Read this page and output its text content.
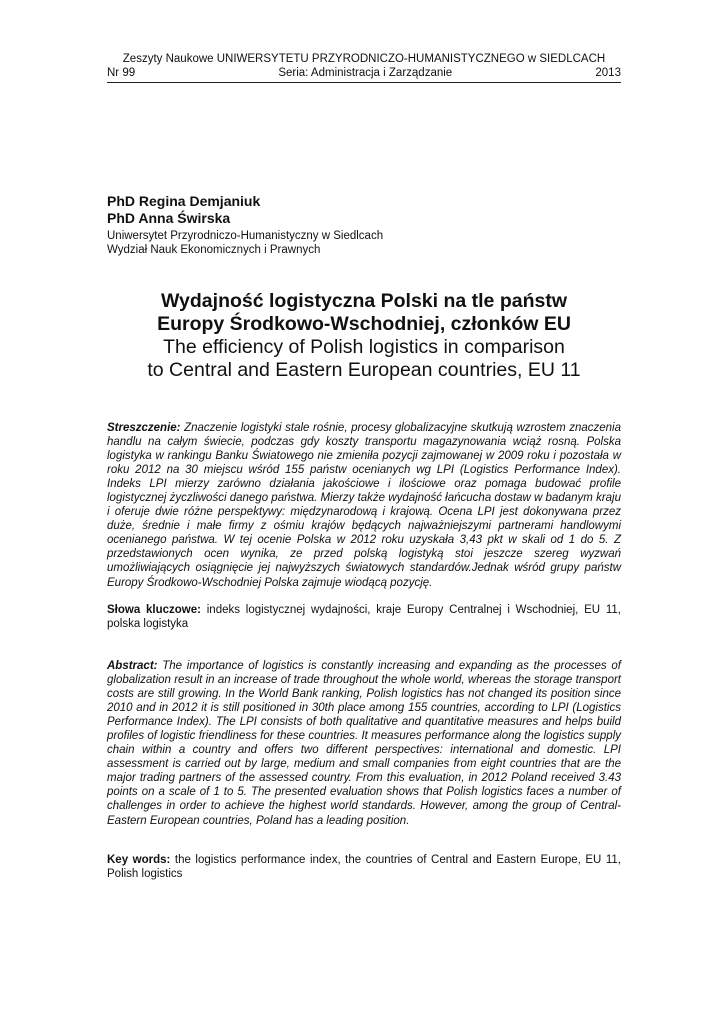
Zeszyty Naukowe UNIWERSYTETU PRZYRODNICZO-HUMANISTYCZNEGO w SIEDLCACH
Nr 99	Seria: Administracja i Zarządzanie	2013
PhD Regina Demjaniuk
PhD Anna Świrska
Uniwersytet Przyrodniczo-Humanistyczny w Siedlcach
Wydział Nauk Ekonomicznych i Prawnych
Wydajność logistyczna Polski na tle państw
Europy Środkowo-Wschodniej, członków EU
The efficiency of Polish logistics in comparison
to Central and Eastern European countries, EU 11
Streszczenie: Znaczenie logistyki stale rośnie, procesy globalizacyjne skutkują wzrostem znaczenia handlu na całym świecie, podczas gdy koszty transportu magazynowania wciąż rosną. Polska logistyka w rankingu Banku Światowego nie zmieniła pozycji zajmowanej w 2009 roku i pozostała w roku 2012 na 30 miejscu wśród 155 państw ocenianych wg LPI (Logistics Performance Index). Indeks LPI mierzy zarówno działania jakościowe i ilościowe oraz pomaga budować profile logistycznej życzliwości danego państwa. Mierzy także wydajność łańcucha dostaw w badanym kraju i oferuje dwie różne perspektywy: międzynarodową i krajową. Ocena LPI jest dokonywana przez duże, średnie i małe firmy z ośmiu krajów będących najważniejszymi partnerami handlowymi ocenianego państwa. W tej ocenie Polska w 2012 roku uzyskała 3,43 pkt w skali od 1 do 5. Z przedstawionych ocen wynika, ze przed polską logistyką stoi jeszcze szereg wyzwań umożliwiających osiągnięcie jej najwyższych światowych standardów.Jednak wśród grupy państw Europy Środkowo-Wschodniej Polska zajmuje wiodącą pozycję.
Słowa kluczowe: indeks logistycznej wydajności, kraje Europy Centralnej i Wschodniej, EU 11, polska logistyka
Abstract: The importance of logistics is constantly increasing and expanding as the processes of globalization result in an increase of trade throughout the whole world, whereas the storage transport costs are still growing. In the World Bank ranking, Polish logistics has not changed its position since 2010 and in 2012 it is still positioned in 30th place among 155 countries, according to LPI (Logistics Performance Index). The LPI consists of both qualitative and quantitative measures and helps build profiles of logistic friendliness for these countries. It measures performance along the logistics supply chain within a country and offers two different perspectives: international and domestic. LPI assessment is carried out by large, medium and small companies from eight countries that are the major trading partners of the assessed country. From this evaluation, in 2012 Poland received 3.43 points on a scale of 1 to 5. The presented evaluation shows that Polish logistics faces a number of challenges in order to achieve the highest world standards. However, among the group of Central-Eastern European countries, Poland has a leading position.
Key words: the logistics performance index, the countries of Central and Eastern Europe, EU 11, Polish logistics
